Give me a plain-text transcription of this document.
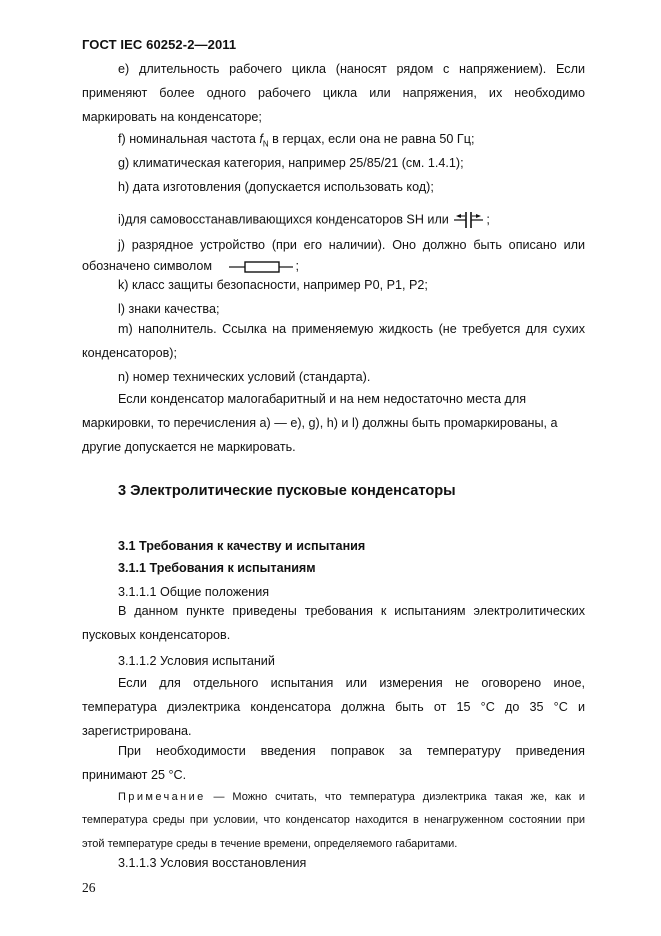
ГОСТ IEC 60252-2—2011

e) длительность рабочего цикла (наносят рядом с напряжением). Если применяют более одного рабочего цикла или напряжения, их необходимо маркировать на конденсаторе;

f) номинальная частота $f_N$ в герцах, если она не равна 50 Гц;
g) климатическая категория, например 25/85/21 (см. 1.4.1);
h) дата изготовления (допускается использовать код);
i)для самовосстанавливающихся конденсаторов SH или	;
j) разрядное устройство (при его наличии). Оно должно быть описано или
обозначено символом	;
k) класс защиты безопасности, например P0, P1, P2;
l) знаки качества;

m) наполнитель. Ссылка на применяемую жидкость (не требуется для сухих конденсаторов);

n) номер технических условий (стандарта).

Если конденсатор малогабаритный и на нем недостаточно места для маркировки, то перечисления а) — e), g), h) и l) должны быть промаркированы, а другие допускается не маркировать.

3 Электролитические пусковые конденсаторы
3.1 Требования к качеству и испытания
3.1.1 Требования к испытаниям
3.1.1.1 Общие положения

В данном пункте приведены требования к испытаниям электролитических пусковых конденсаторов.

3.1.1.2 Условия испытаний

Если для отдельного испытания или измерения не оговорено иное, температура диэлектрика конденсатора должна быть от 15 °С до 35 °С и зарегистрирована.

При необходимости введения поправок за температуру приведения принимают 25 °С.

Примечание — Можно считать, что температура диэлектрика такая же, как и температура среды при условии, что конденсатор находится в ненагруженном состоянии при этой температуре среды в течение времени, определяемого габаритами.

3.1.1.3 Условия восстановления
26
